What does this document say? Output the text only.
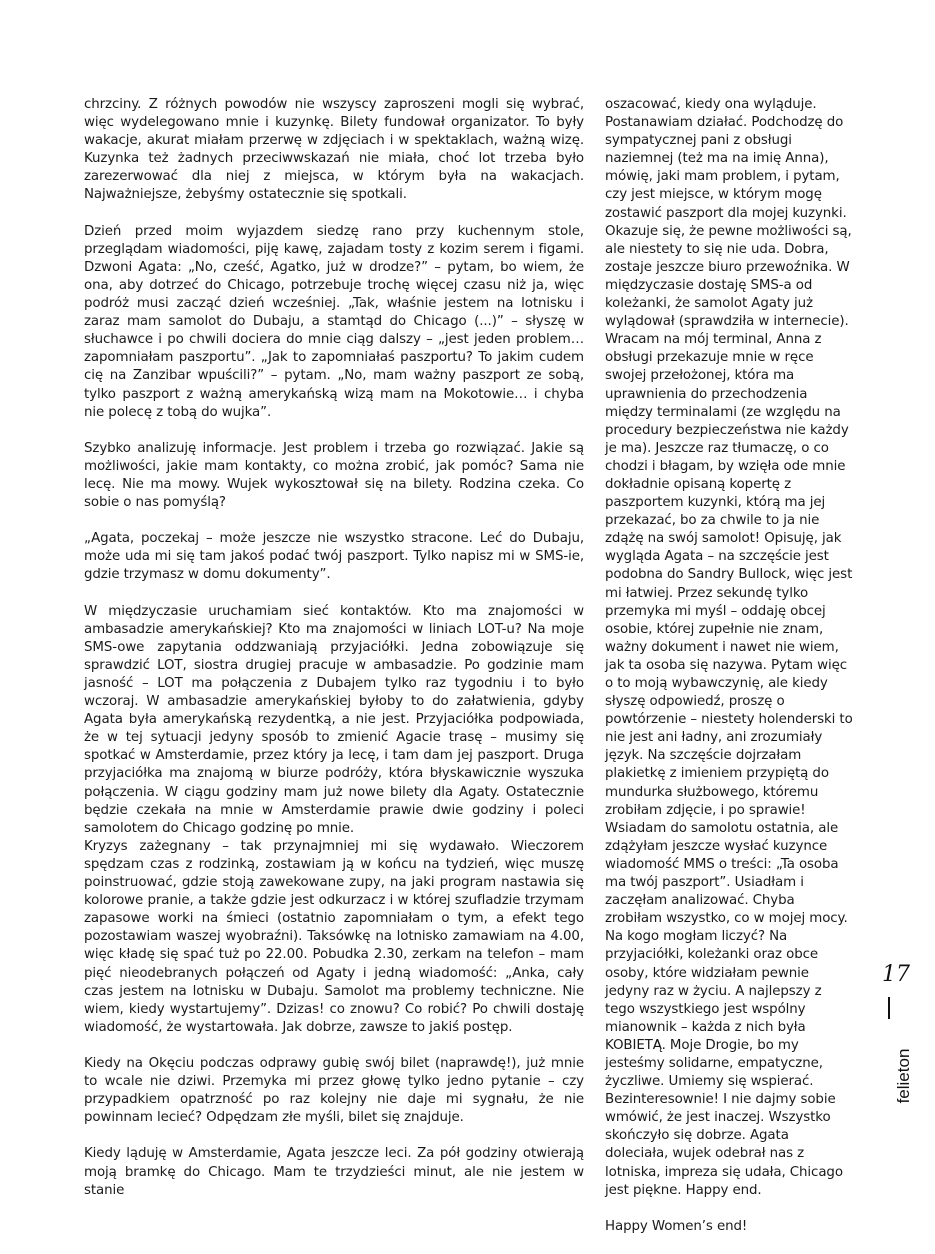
chrzciny. Z różnych powodów nie wszyscy zaproszeni mogli się wybrać, więc wydelegowano mnie i kuzynkę. Bilety fundował organizator. To były wakacje, akurat miałam przerwę w zdjęciach i w spektaklach, ważną wizę. Kuzynka też żadnych przeciwwskazań nie miała, choć lot trzeba było zarezerwować dla niej z miejsca, w którym była na wakacjach. Najważniejsze, żebyśmy ostatecznie się spotkali.

Dzień przed moim wyjazdem siedzę rano przy kuchennym stole, przeglądam wiadomości, piję kawę, zajadam tosty z kozim serem i figami. Dzwoni Agata: „No, cześć, Agatko, już w drodze?” – pytam, bo wiem, że ona, aby dotrzeć do Chicago, potrzebuje trochę więcej czasu niż ja, więc podróż musi zacząć dzień wcześniej. „Tak, właśnie jestem na lotnisku i zaraz mam samolot do Dubaju, a stamtąd do Chicago (...)” – słyszę w słuchawce i po chwili dociera do mnie ciąg dalszy – „jest jeden problem… zapomniałam paszportu”. „Jak to zapomniałaś paszportu? To jakim cudem cię na Zanzibar wpuścili?” – pytam. „No, mam ważny paszport ze sobą, tylko paszport z ważną amerykańską wizą mam na Mokotowie… i chyba nie polecę z tobą do wujka”.

Szybko analizuję informacje. Jest problem i trzeba go rozwiązać. Jakie są możliwości, jakie mam kontakty, co można zrobić, jak pomóc? Sama nie lecę. Nie ma mowy. Wujek wykosztował się na bilety. Rodzina czeka. Co sobie o nas pomyślą?

„Agata, poczekaj – może jeszcze nie wszystko stracone. Leć do Dubaju, może uda mi się tam jakoś podać twój paszport. Tylko napisz mi w SMS-ie, gdzie trzymasz w domu dokumenty”.

W międzyczasie uruchamiam sieć kontaktów. Kto ma znajomości w ambasadzie amerykańskiej? Kto ma znajomości w liniach LOT-u? Na moje SMS-owe zapytania oddzwaniają przyjaciółki. Jedna zobowiązuje się sprawdzić LOT, siostra drugiej pracuje w ambasadzie. Po godzinie mam jasność – LOT ma połączenia z Dubajem tylko raz tygodniu i to było wczoraj. W ambasadzie amerykańskiej byłoby to do załatwienia, gdyby Agata była amerykańską rezydentką, a nie jest. Przyjaciółka podpowiada, że w tej sytuacji jedyny sposób to zmienić Agacie trasę – musimy się spotkać w Amsterdamie, przez który ja lecę, i tam dam jej paszport. Druga przyjaciółka ma znajomą w biurze podróży, która błyskawicznie wyszuka połączenia. W ciągu godziny mam już nowe bilety dla Agaty. Ostatecznie będzie czekała na mnie w Amsterdamie prawie dwie godziny i poleci samolotem do Chicago godzinę po mnie.

Kryzys zażegnany – tak przynajmniej mi się wydawało. Wieczorem spędzam czas z rodzinką, zostawiam ją w końcu na tydzień, więc muszę poinstruować, gdzie stoją zawekowane zupy, na jaki program nastawia się kolorowe pranie, a także gdzie jest odkurzacz i w której szufladzie trzymam zapasowe worki na śmieci (ostatnio zapomniałam o tym, a efekt tego pozostawiam waszej wyobraźni). Taksówkę na lotnisko zamawiam na 4.00, więc kładę się spać tuż po 22.00. Pobudka 2.30, zerkam na telefon – mam pięć nieodebranych połączeń od Agaty i jedną wiadomość: „Anka, cały czas jestem na lotnisku w Dubaju. Samolot ma problemy techniczne. Nie wiem, kiedy wystartujemy”. Dzizas! co znowu? Co robić? Po chwili dostaję wiadomość, że wystartowała. Jak dobrze, zawsze to jakiś postęp.

Kiedy na Okęciu podczas odprawy gubię swój bilet (naprawdę!), już mnie to wcale nie dziwi. Przemyka mi przez głowę tylko jedno pytanie – czy przypadkiem opatrzność po raz kolejny nie daje mi sygnału, że nie powinnam lecieć? Odpędzam złe myśli, bilet się znajduje.

Kiedy ląduję w Amsterdamie, Agata jeszcze leci. Za pół godziny otwierają moją bramkę do Chicago. Mam te trzydzieści minut, ale nie jestem w stanie

oszacować, kiedy ona wyląduje. Postanawiam działać. Podchodzę do sympatycznej pani z obsługi naziemnej (też ma na imię Anna), mówię, jaki mam problem, i pytam, czy jest miejsce, w którym mogę zostawić paszport dla mojej kuzynki. Okazuje się, że pewne możliwości są, ale niestety to się nie uda. Dobra, zostaje jeszcze biuro przewoźnika. W międzyczasie dostaję SMS-a od koleżanki, że samolot Agaty już wylądował (sprawdziła w internecie). Wracam na mój terminal, Anna z obsługi przekazuje mnie w ręce swojej przełożonej, która ma uprawnienia do przechodzenia między terminalami (ze względu na procedury bezpieczeństwa nie każdy je ma). Jeszcze raz tłumaczę, o co chodzi i błagam, by wzięła ode mnie dokładnie opisaną kopertę z paszportem kuzynki, którą ma jej przekazać, bo za chwile to ja nie zdążę na swój samolot! Opisuję, jak wygląda Agata – na szczęście jest podobna do Sandry Bullock, więc jest mi łatwiej. Przez sekundę tylko przemyka mi myśl – oddaję obcej osobie, której zupełnie nie znam, ważny dokument i nawet nie wiem, jak ta osoba się nazywa. Pytam więc o to moją wybawczynię, ale kiedy słyszę odpowiedź, proszę o powtórzenie – niestety holenderski to nie jest ani ładny, ani zrozumiały język. Na szczęście dojrzałam plakietkę z imieniem przypiętą do mundurka służbowego, któremu zrobiłam zdjęcie, i po sprawie! Wsiadam do samolotu ostatnia, ale zdążyłam jeszcze wysłać kuzynce wiadomość MMS o treści: „Ta osoba ma twój paszport”. Usiadłam i zaczęłam analizować. Chyba zrobiłam wszystko, co w mojej mocy. Na kogo mogłam liczyć? Na przyjaciółki, koleżanki oraz obce osoby, które widziałam pewnie jedyny raz w życiu. A najlepszy z tego wszystkiego jest wspólny mianownik – każda z nich była KOBIETĄ. Moje Drogie, bo my jesteśmy solidarne, empatyczne, życzliwe. Umiemy się wspierać. Bezinteresownie! I nie dajmy sobie wmówić, że jest inaczej. Wszystko skończyło się dobrze. Agata doleciała, wujek odebrał nas z lotniska, impreza się udała, Chicago jest piękne. Happy end.

Happy Women’s end!

17
felieton
